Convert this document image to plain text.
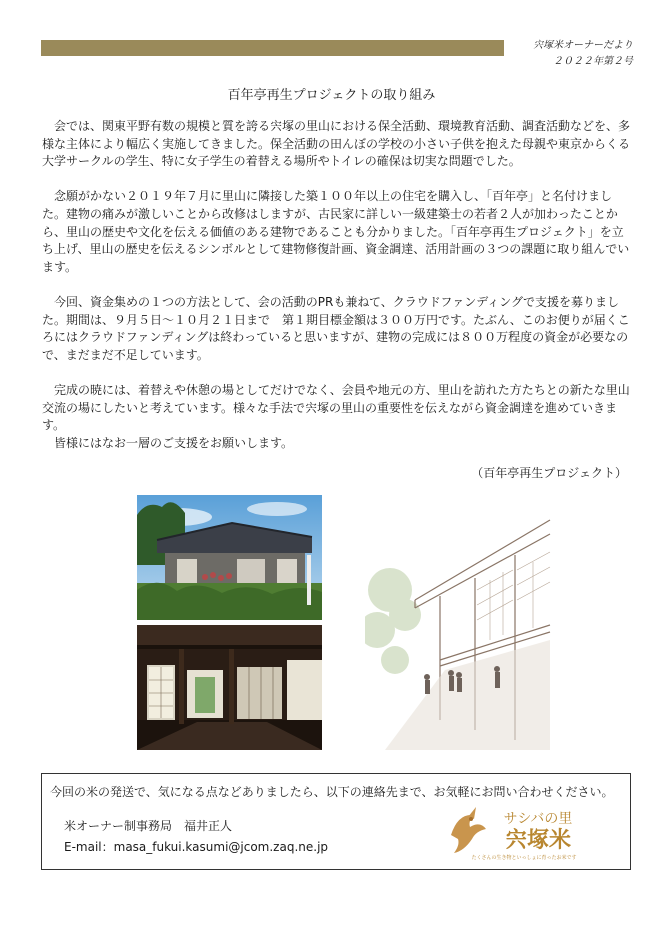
宍塚米オーナーだより
２０２２年第２号
百年亭再生プロジェクトの取り組み

会では、関東平野有数の規模と質を誇る宍塚の里山における保全活動、環境教育活動、調査活動などを、多様な主体により幅広く実施してきました。保全活動の田んぼの学校の小さい子供を抱えた母親や東京からくる大学サークルの学生、特に女子学生の着替える場所やトイレの確保は切実な問題でした。

念願がかない２０１９年７月に里山に隣接した築１００年以上の住宅を購入し、「百年亭」と名付けました。建物の痛みが激しいことから改修はしますが、古民家に詳しい一級建築士の若者２人が加わったことから、里山の歴史や文化を伝える価値のある建物であることも分かりました。「百年亭再生プロジェクト」を立ち上げ、里山の歴史を伝えるシンボルとして建物修復計画、資金調達、活用計画の３つの課題に取り組んでいます。

今回、資金集めの１つの方法として、会の活動のPRも兼ねて、クラウドファンディングで支援を募りました。期間は、９月５日～１０月２１日まで　第１期目標金額は３００万円です。たぶん、このお便りが届くころにはクラウドファンディングは終わっていると思いますが、建物の完成には８００万程度の資金が必要なので、まだまだ不足しています。

完成の暁には、着替えや休憩の場としてだけでなく、会員や地元の方、里山を訪れた方たちとの新たな里山交流の場にしたいと考えています。様々な手法で宍塚の里山の重要性を伝えながら資金調達を進めていきます。

皆様にはなお一層のご支援をお願いします。

（百年亭再生プロジェクト）
今回の米の発送で、気になる点などありましたら、以下の連絡先まで、お気軽にお問い合わせください。
米オーナー制事務局　福井正人
E-mail：masa_fukui.kasumi@jcom.zaq.ne.jp
サシバの里
宍塚米
たくさんの生き物といっしょに育ったお米です
